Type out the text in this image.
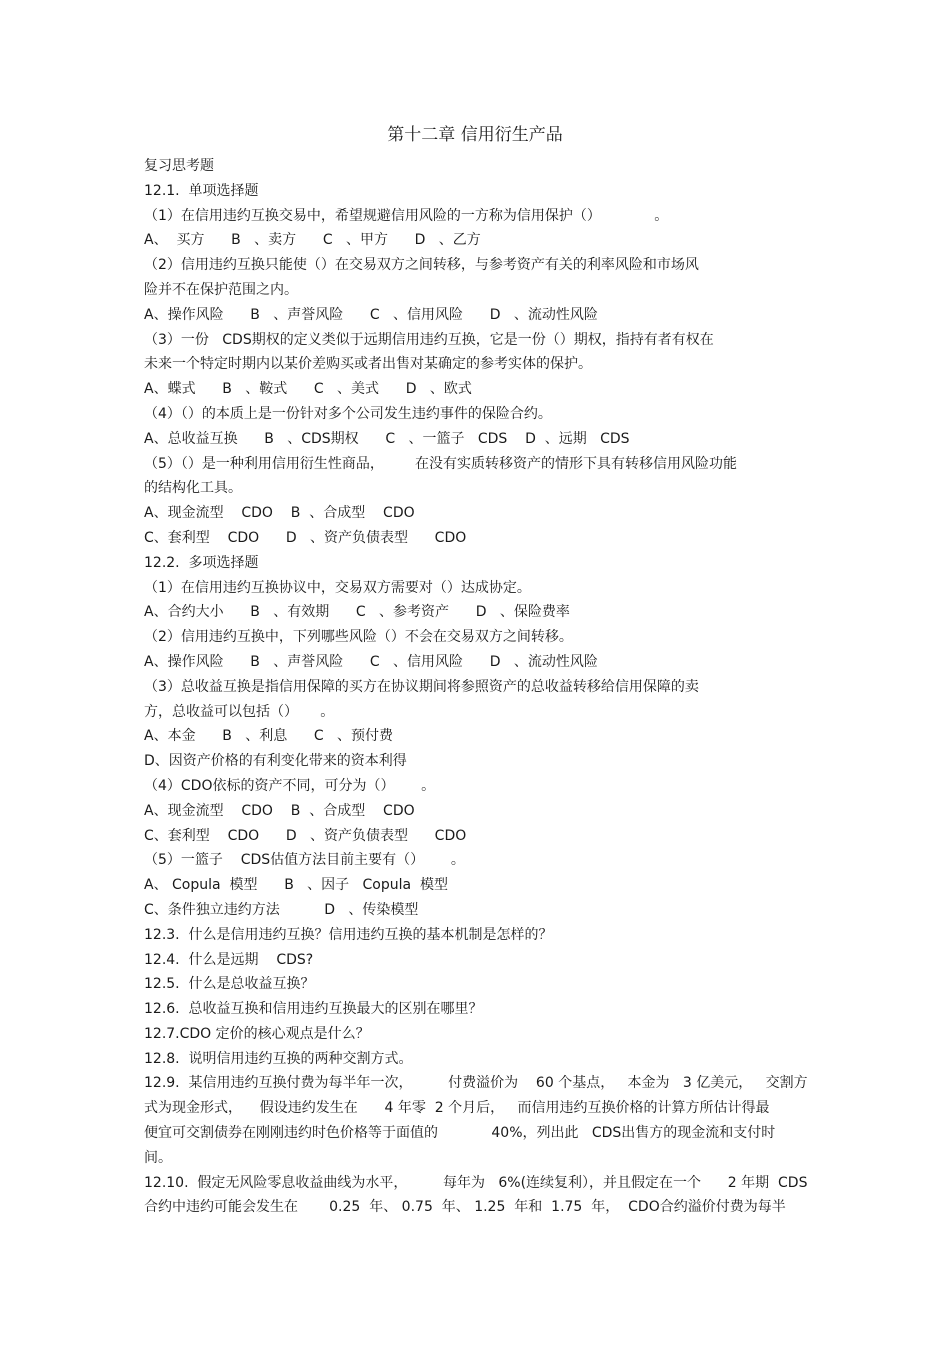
第十二章 信用衍生产品
复习思考题
12.1.  单项选择题
（1）在信用违约互换交易中，希望规避信用风险的一方称为信用保护（）            。
A、  买方      B   、卖方      C   、甲方      D   、乙方
（2）信用违约互换只能使（）在交易双方之间转移，与参考资产有关的利率风险和市场风
险并不在保护范围之内。
A、操作风险      B   、声誉风险      C   、信用风险      D   、流动性风险
（3）一份   CDS期权的定义类似于远期信用违约互换，它是一份（）期权，指持有者有权在
未来一个特定时期内以某价差购买或者出售对某确定的参考实体的保护。
A、蝶式      B   、鞍式      C   、美式      D   、欧式
（4）（）的本质上是一份针对多个公司发生违约事件的保险合约。
A、总收益互换      B   、CDS期权      C   、一篮子   CDS    D  、远期   CDS
（5）（）是一种利用信用衍生性商品，       在没有实质转移资产的情形下具有转移信用风险功能
的结构化工具。
A、现金流型    CDO    B  、合成型    CDO
C、套利型    CDO      D   、资产负债表型      CDO
12.2.  多项选择题
（1）在信用违约互换协议中，交易双方需要对（）达成协定。
A、合约大小      B   、有效期      C   、参考资产      D   、保险费率
（2）信用违约互换中，下列哪些风险（）不会在交易双方之间转移。
A、操作风险      B   、声誉风险      C   、信用风险      D   、流动性风险
（3）总收益互换是指信用保障的买方在协议期间将参照资产的总收益转移给信用保障的卖
方，总收益可以包括（）     。
A、本金      B   、利息      C   、预付费
D、因资产价格的有利变化带来的资本利得
（4）CDO依标的资产不同，可分为（）      。
A、现金流型    CDO    B  、合成型    CDO
C、套利型    CDO      D   、资产负债表型      CDO
（5）一篮子    CDS估值方法目前主要有（）      。
A、 Copula  模型      B   、因子   Copula  模型
C、条件独立违约方法          D   、传染模型
12.3.  什么是信用违约互换？信用违约互换的基本机制是怎样的？
12.4.  什么是远期    CDS?
12.5.  什么是总收益互换？
12.6.  总收益互换和信用违约互换最大的区别在哪里？
12.7.CDO 定价的核心观点是什么？
12.8.  说明信用违约互换的两种交割方式。
12.9.  某信用违约互换付费为每半年一次，        付费溢价为    60 个基点，   本金为   3 亿美元，   交割方
式为现金形式，    假设违约发生在      4 年零  2 个月后，   而信用违约互换价格的计算方所估计得最
便宜可交割债券在刚刚违约时色价格等于面值的            40%，列出此   CDS出售方的现金流和支付时
间。
12.10.  假定无风险零息收益曲线为水平，        每年为   6%(连续复利），并且假定在一个      2 年期  CDS
合约中违约可能会发生在       0.25  年、 0.75  年、 1.25  年和  1.75  年，  CDO合约溢价付费为每半
